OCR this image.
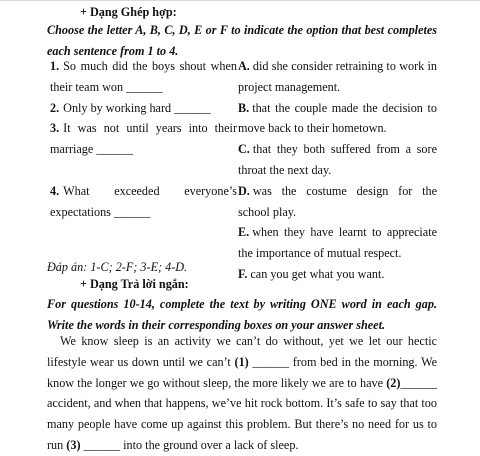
+ Dạng Ghép hợp:
Choose the letter A, B, C, D, E or F to indicate the option that best completes each sentence from 1 to 4.
1. So much did the boys shout when their team won ______
2. Only by working hard ______
3. It was not until years into their marriage ______
4. What exceeded everyone’s expectations ______
A. did she consider retraining to work in project management.
B. that the couple made the decision to move back to their hometown.
C. that they both suffered from a sore throat the next day.
D. was the costume design for the school play.
E. when they have learnt to appreciate the importance of mutual respect.
F. can you get what you want.
Đáp án: 1-C; 2-F; 3-E; 4-D.
+ Dạng Trả lời ngắn:
For questions 10-14, complete the text by writing ONE word in each gap. Write the words in their corresponding boxes on your answer sheet.
We know sleep is an activity we can’t do without, yet we let our hectic lifestyle wear us down until we can’t (1) ______ from bed in the morning. We know the longer we go without sleep, the more likely we are to have (2)______ accident, and when that happens, we’ve hit rock bottom. It’s safe to say that too many people have come up against this problem. But there’s no need for us to run (3) ______ into the ground over a lack of sleep.
